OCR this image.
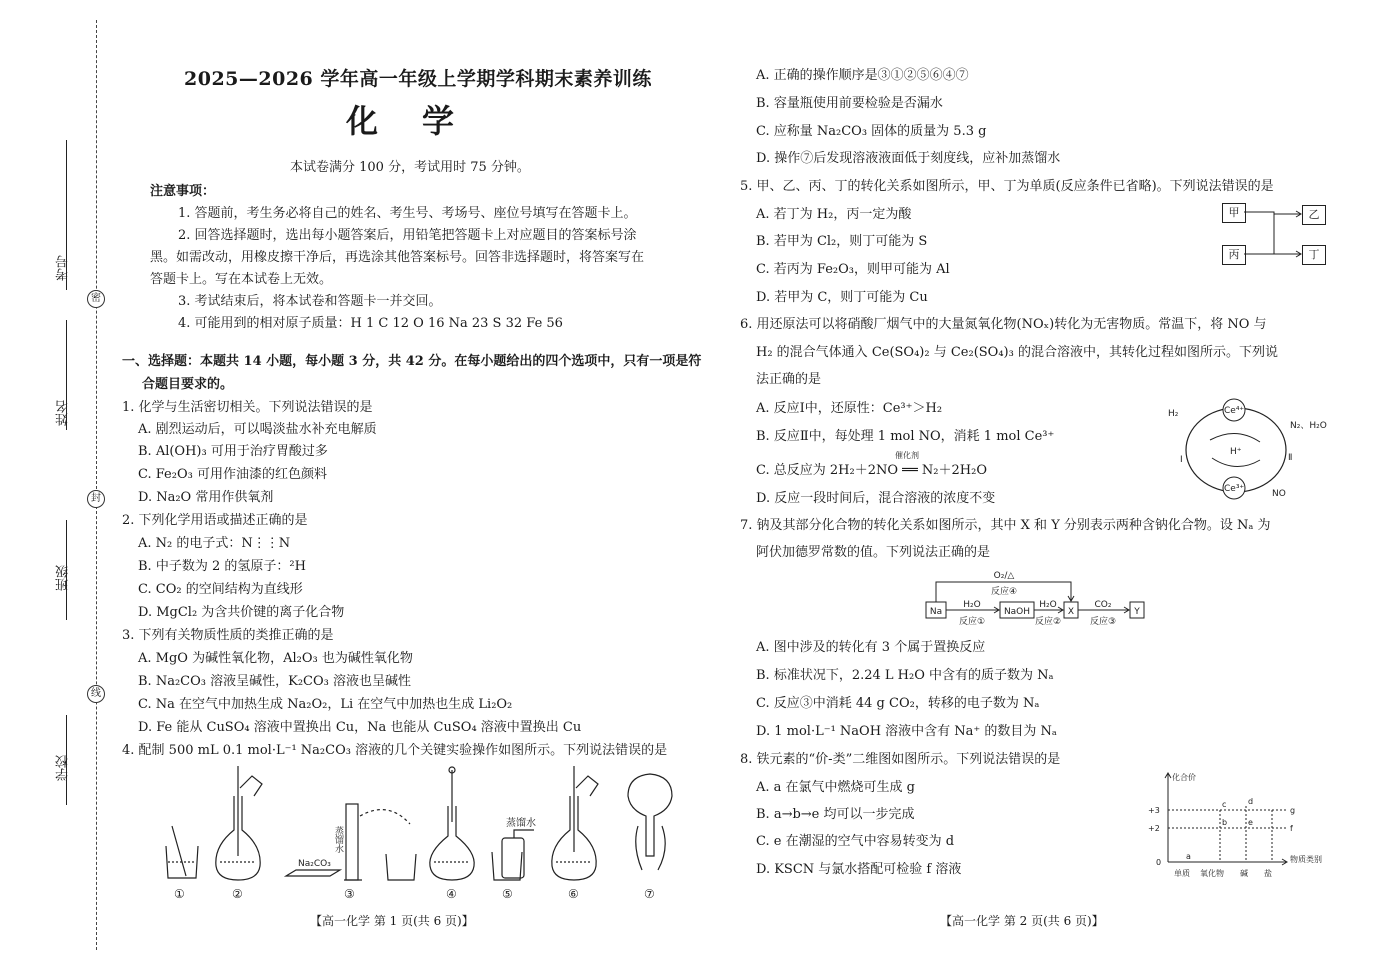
考号
密
姓名
封
班级
线
学校
2025—2026 学年高一年级上学期学科期末素养训练
化学
本试卷满分 100 分，考试用时 75 分钟。
注意事项：
1. 答题前，考生务必将自己的姓名、考生号、考场号、座位号填写在答题卡上。
2. 回答选择题时，选出每小题答案后，用铅笔把答题卡上对应题目的答案标号涂
黑。如需改动，用橡皮擦干净后，再选涂其他答案标号。回答非选择题时，将答案写在
答题卡上。写在本试卷上无效。
3. 考试结束后，将本试卷和答题卡一并交回。
4. 可能用到的相对原子质量：H 1 C 12 O 16 Na 23 S 32 Fe 56
一、选择题：本题共 14 小题，每小题 3 分，共 42 分。在每小题给出的四个选项中，只有一项是符
合题目要求的。
1. 化学与生活密切相关。下列说法错误的是
A. 剧烈运动后，可以喝淡盐水补充电解质
B. Al(OH)₃ 可用于治疗胃酸过多
C. Fe₂O₃ 可用作油漆的红色颜料
D. Na₂O 常用作供氧剂
2. 下列化学用语或描述正确的是
A. N₂ 的电子式：N⋮⋮N
B. 中子数为 2 的氢原子：²H
C. CO₂ 的空间结构为直线形
D. MgCl₂ 为含共价键的离子化合物
3. 下列有关物质性质的类推正确的是
A. MgO 为碱性氧化物，Al₂O₃ 也为碱性氧化物
B. Na₂CO₃ 溶液呈碱性，K₂CO₃ 溶液也呈碱性
C. Na 在空气中加热生成 Na₂O₂，Li 在空气中加热也生成 Li₂O₂
D. Fe 能从 CuSO₄ 溶液中置换出 Cu，Na 也能从 CuSO₄ 溶液中置换出 Cu
4. 配制 500 mL 0.1 mol·L⁻¹ Na₂CO₃ 溶液的几个关键实验操作如图所示。下列说法错误的是
Na₂CO₃
蒸馏水
蒸馏水
①	②	③	④	⑤	⑥	⑦
【高一化学 第 1 页(共 6 页)】
A. 正确的操作顺序是③①②⑤⑥④⑦
B. 容量瓶使用前要检验是否漏水
C. 应称量 Na₂CO₃ 固体的质量为 5.3 g
D. 操作⑦后发现溶液液面低于刻度线，应补加蒸馏水
5. 甲、乙、丙、丁的转化关系如图所示，甲、丁为单质(反应条件已省略)。下列说法错误的是
A. 若丁为 H₂，丙一定为酸
B. 若甲为 Cl₂，则丁可能为 S
C. 若丙为 Fe₂O₃，则甲可能为 Al
D. 若甲为 C，则丁可能为 Cu
甲
丙
乙
丁
6. 用还原法可以将硝酸厂烟气中的大量氮氧化物(NOₓ)转化为无害物质。常温下，将 NO 与
H₂ 的混合气体通入 Ce(SO₄)₂ 与 Ce₂(SO₄)₃ 的混合溶液中，其转化过程如图所示。下列说
法正确的是
A. 反应Ⅰ中，还原性：Ce³⁺＞H₂
B. 反应Ⅱ中，每处理 1 mol NO，消耗 1 mol Ce³⁺
C. 总反应为 2H₂＋2NO ══ N₂＋2H₂O
催化剂
D. 反应一段时间后，混合溶液的浓度不变
H₂	Ce⁴⁺
N₂、H₂O
H⁺
Ⅰ	Ⅱ
Ce³⁺	NO
7. 钠及其部分化合物的转化关系如图所示，其中 X 和 Y 分别表示两种含钠化合物。设 Nₐ 为
阿伏加德罗常数的值。下列说法正确的是
O₂/△
反应④
Na	NaOH	X	Y
H₂O
反应①
H₂O
反应②
CO₂
反应③
A. 图中涉及的转化有 3 个属于置换反应
B. 标准状况下，2.24 L H₂O 中含有的质子数为 Nₐ
C. 反应③中消耗 44 g CO₂，转移的电子数为 Nₐ
D. 1 mol·L⁻¹ NaOH 溶液中含有 Na⁺ 的数目为 Nₐ
8. 铁元素的“价-类”二维图如图所示。下列说法错误的是
A. a 在氯气中燃烧可生成 g
B. a→b→e 均可以一步完成
C. e 在潮湿的空气中容易转变为 d
D. KSCN 与氯水搭配可检验 f 溶液
化合价
+3
+2
0	物质类别
单质 氧化物 碱 盐
a
b
c	d
e
f
g
【高一化学 第 2 页(共 6 页)】
